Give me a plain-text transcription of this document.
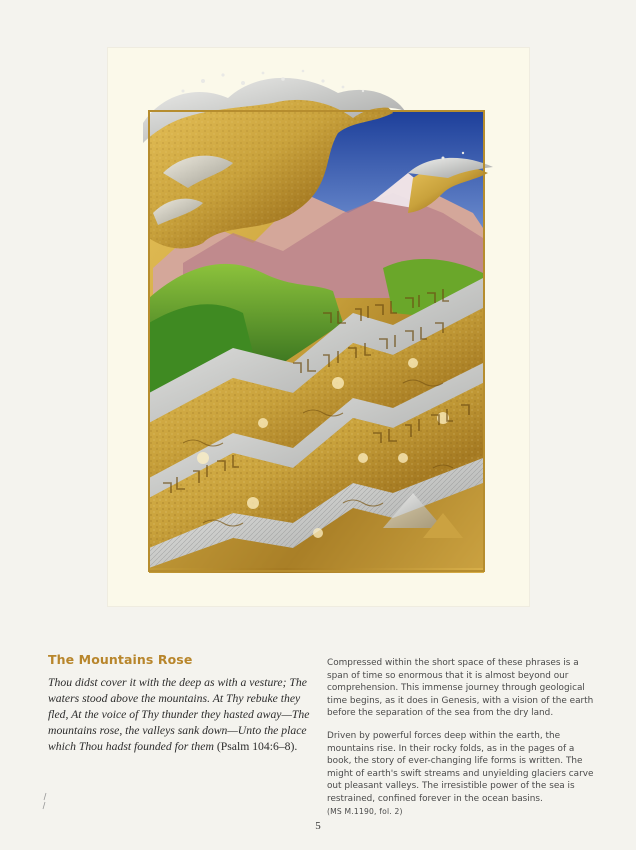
The Mountains Rose

Thou didst cover it with the deep as with a vesture; The waters stood above the mountains. At Thy rebuke they fled, At the voice of Thy thunder they hasted away—The mountains rose, the valleys sank down—Unto the place which Thou hadst founded for them (Psalm 104:6–8).

Compressed within the short space of these phrases is a span of time so enormous that it is almost beyond our comprehension. This immense journey through geological time begins, as it does in Genesis, with a vision of the earth before the separation of the sea from the dry land.

Driven by powerful forces deep within the earth, the mountains rise. In their rocky folds, as in the pages of a book, the story of ever-changing life forms is written. The might of earth's swift streams and unyielding glaciers carve out pleasant valleys. The irresistible power of the sea is restrained, confined forever in the ocean basins.
(MS M.1190, fol. 2)

5
